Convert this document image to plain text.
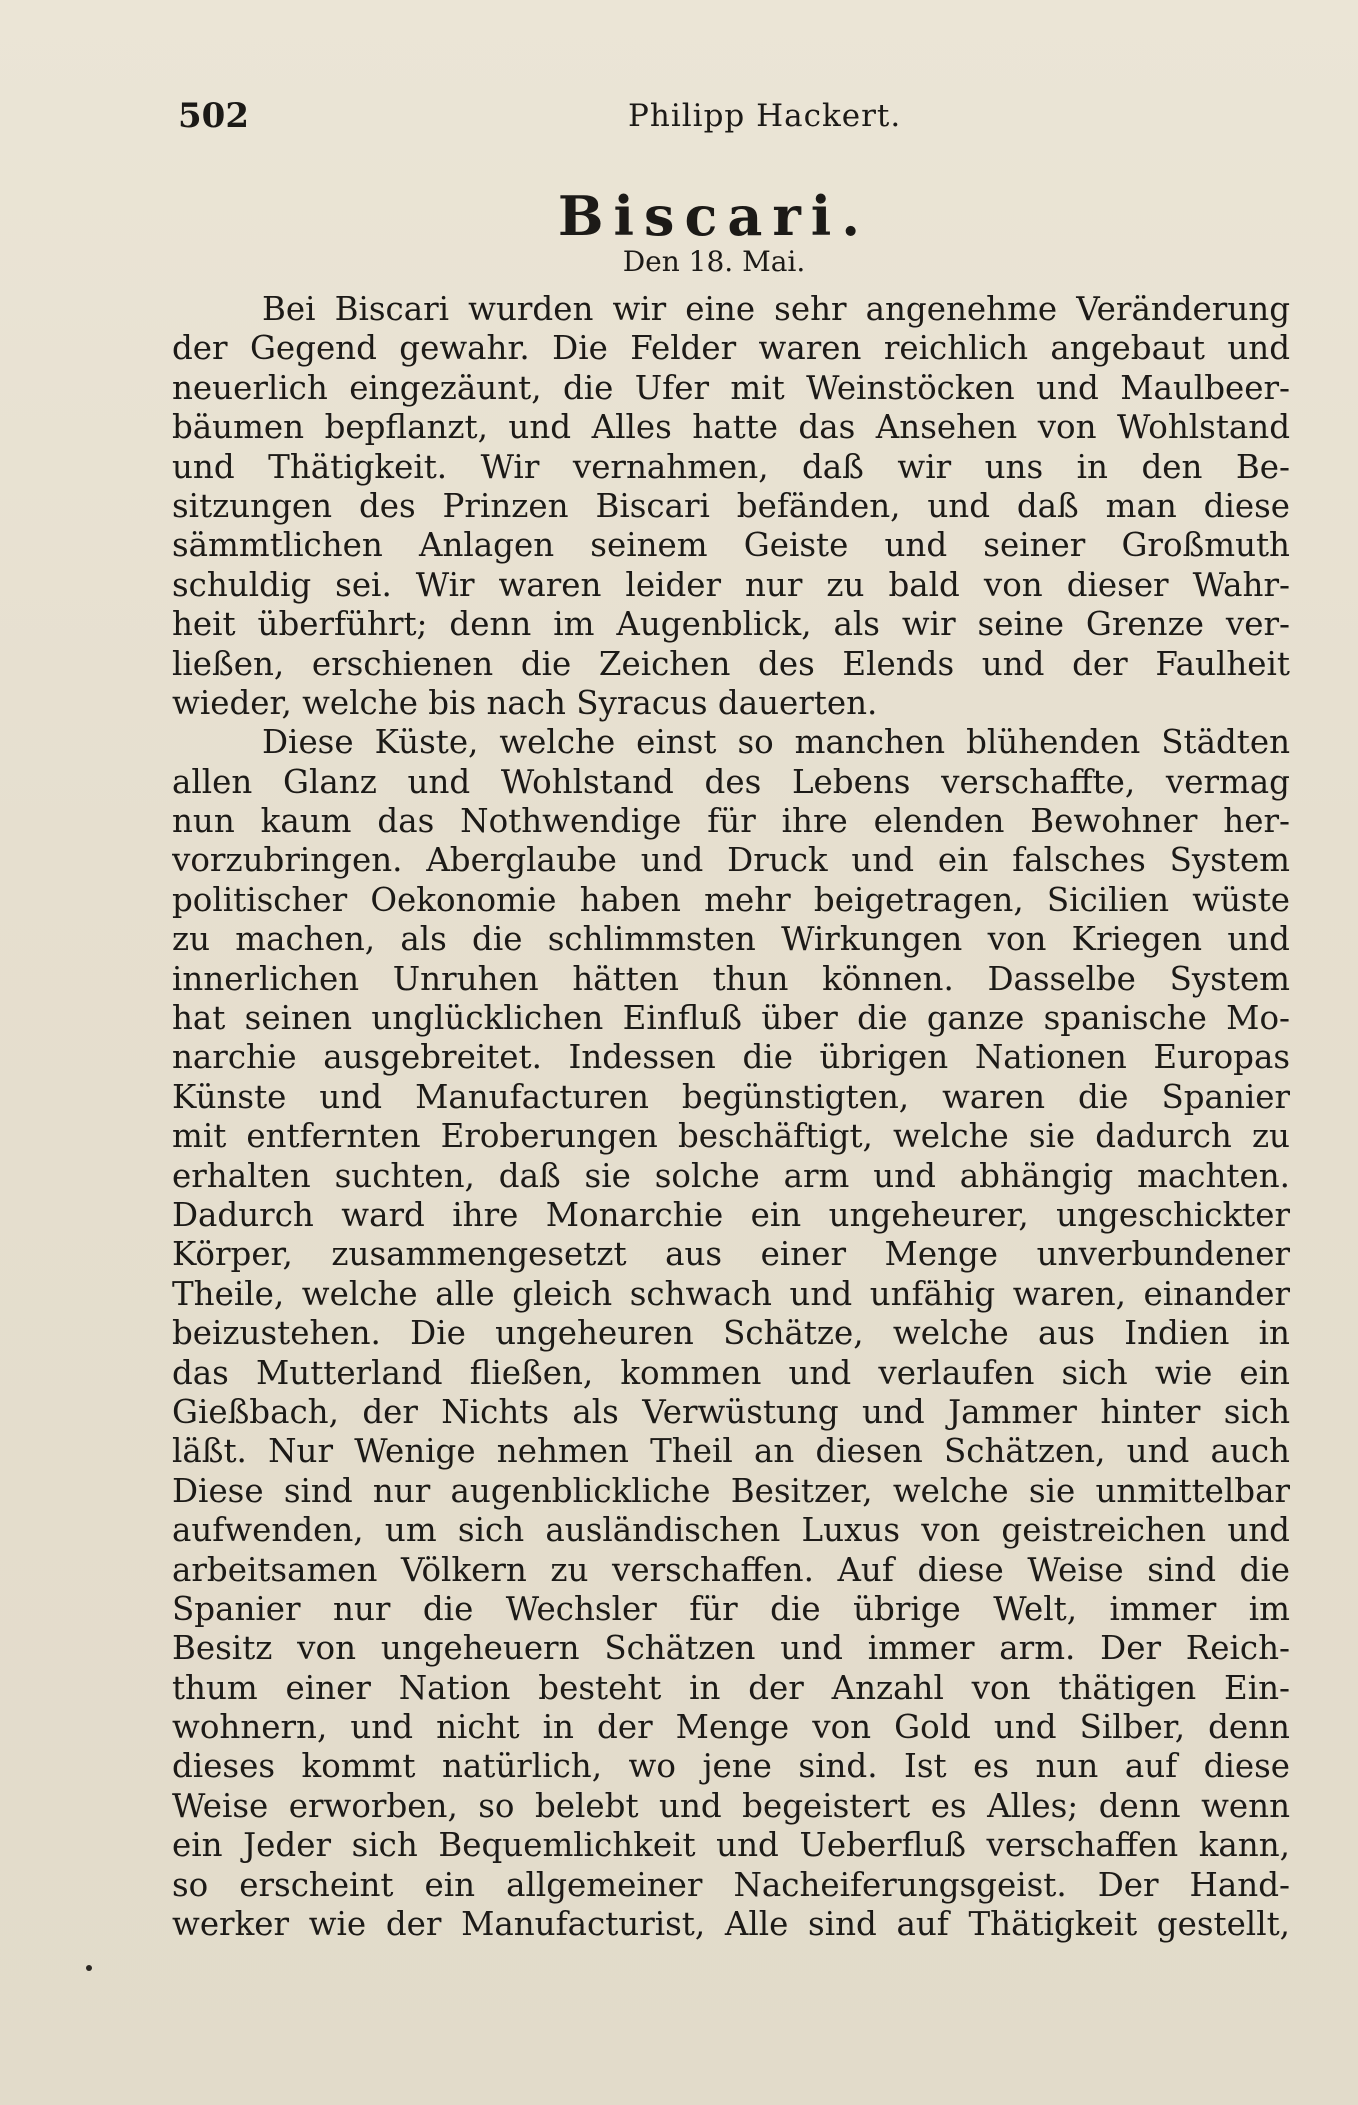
502	Philipp Hackert.
Biscari.
Den 18. Mai.
Bei Biscari wurden wir eine sehr angenehme Veränderung
der Gegend gewahr. Die Felder waren reichlich angebaut und
neuerlich eingezäunt, die Ufer mit Weinstöcken und Maulbeer-
bäumen bepflanzt, und Alles hatte das Ansehen von Wohlstand
und Thätigkeit. Wir vernahmen, daß wir uns in den Be-
sitzungen des Prinzen Biscari befänden, und daß man diese
sämmtlichen Anlagen seinem Geiste und seiner Großmuth
schuldig sei. Wir waren leider nur zu bald von dieser Wahr-
heit überführt; denn im Augenblick, als wir seine Grenze ver-
ließen, erschienen die Zeichen des Elends und der Faulheit
wieder, welche bis nach Syracus dauerten.
Diese Küste, welche einst so manchen blühenden Städten
allen Glanz und Wohlstand des Lebens verschaffte, vermag
nun kaum das Nothwendige für ihre elenden Bewohner her-
vorzubringen. Aberglaube und Druck und ein falsches System
politischer Oekonomie haben mehr beigetragen, Sicilien wüste
zu machen, als die schlimmsten Wirkungen von Kriegen und
innerlichen Unruhen hätten thun können. Dasselbe System
hat seinen unglücklichen Einfluß über die ganze spanische Mo-
narchie ausgebreitet. Indessen die übrigen Nationen Europas
Künste und Manufacturen begünstigten, waren die Spanier
mit entfernten Eroberungen beschäftigt, welche sie dadurch zu
erhalten suchten, daß sie solche arm und abhängig machten.
Dadurch ward ihre Monarchie ein ungeheurer, ungeschickter
Körper, zusammengesetzt aus einer Menge unverbundener
Theile, welche alle gleich schwach und unfähig waren, einander
beizustehen. Die ungeheuren Schätze, welche aus Indien in
das Mutterland fließen, kommen und verlaufen sich wie ein
Gießbach, der Nichts als Verwüstung und Jammer hinter sich
läßt. Nur Wenige nehmen Theil an diesen Schätzen, und auch
Diese sind nur augenblickliche Besitzer, welche sie unmittelbar
aufwenden, um sich ausländischen Luxus von geistreichen und
arbeitsamen Völkern zu verschaffen. Auf diese Weise sind die
Spanier nur die Wechsler für die übrige Welt, immer im
Besitz von ungeheuern Schätzen und immer arm. Der Reich-
thum einer Nation besteht in der Anzahl von thätigen Ein-
wohnern, und nicht in der Menge von Gold und Silber, denn
dieses kommt natürlich, wo jene sind. Ist es nun auf diese
Weise erworben, so belebt und begeistert es Alles; denn wenn
ein Jeder sich Bequemlichkeit und Ueberfluß verschaffen kann,
so erscheint ein allgemeiner Nacheiferungsgeist. Der Hand-
werker wie der Manufacturist, Alle sind auf Thätigkeit gestellt,
